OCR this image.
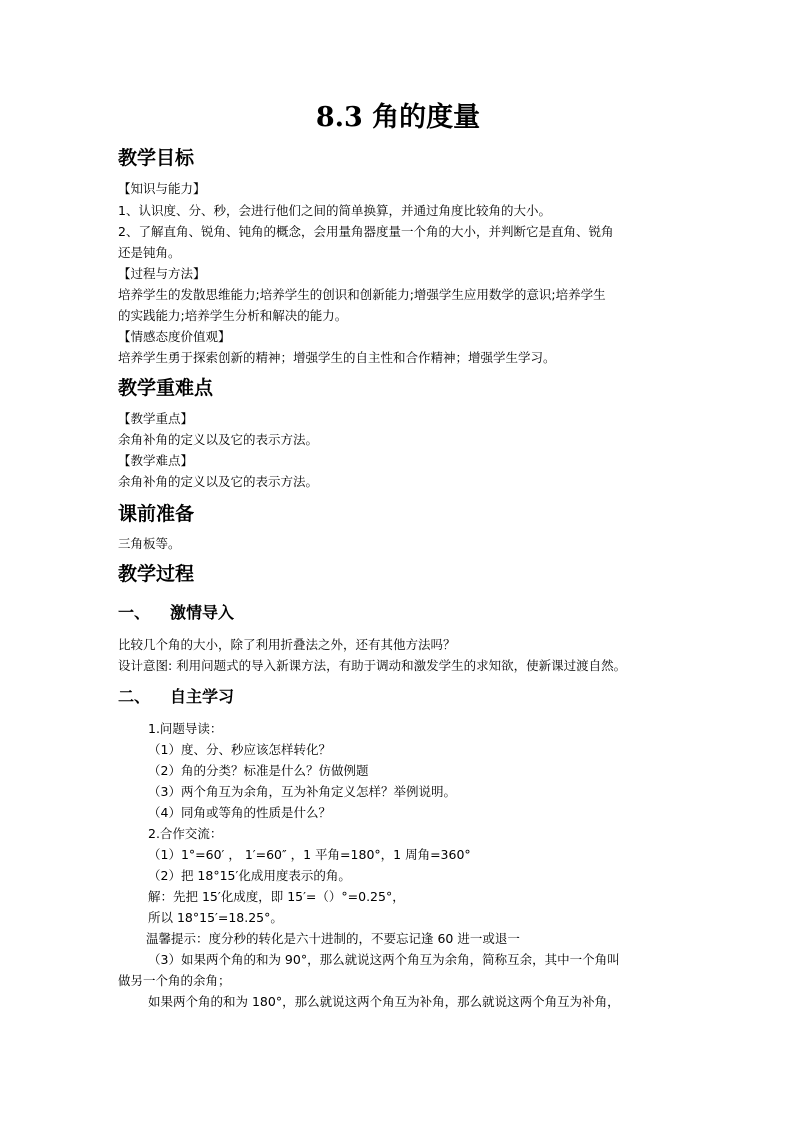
8.3 角的度量
教学目标
【知识与能力】
1、认识度、分、秒，会进行他们之间的简单换算，并通过角度比较角的大小。
2、了解直角、锐角、钝角的概念，会用量角器度量一个角的大小，并判断它是直角、锐角
还是钝角。
【过程与方法】
培养学生的发散思维能力;培养学生的创识和创新能力;增强学生应用数学的意识;培养学生
的实践能力;培养学生分析和解决的能力。
【情感态度价值观】
培养学生勇于探索创新的精神；增强学生的自主性和合作精神；增强学生学习。
教学重难点
【教学重点】
余角补角的定义以及它的表示方法。
【教学难点】
余角补角的定义以及它的表示方法。
课前准备
三角板等。
教学过程
一、 激情导入
比较几个角的大小，除了利用折叠法之外，还有其他方法吗？
设计意图: 利用问题式的导入新课方法，有助于调动和激发学生的求知欲，使新课过渡自然。
二、 自主学习
1.问题导读：
（1）度、分、秒应该怎样转化？
（2）角的分类？标准是什么？仿做例题
（3）两个角互为余角，互为补角定义怎样？举例说明。
（4）同角或等角的性质是什么？
2.合作交流：
（1）1°=60′ ， 1′=60″ ，1 平角=180°，1 周角=360°
（2）把 18°15′化成用度表示的角。
解：先把 15′化成度，即 15′=（）°=0.25°，
所以 18°15′=18.25°。
温馨提示：度分秒的转化是六十进制的，不要忘记逢 60 进一或退一
（3）如果两个角的和为 90°，那么就说这两个角互为余角，简称互余，其中一个角叫
做另一个角的余角；
如果两个角的和为 180°，那么就说这两个角互为补角，那么就说这两个角互为补角，
